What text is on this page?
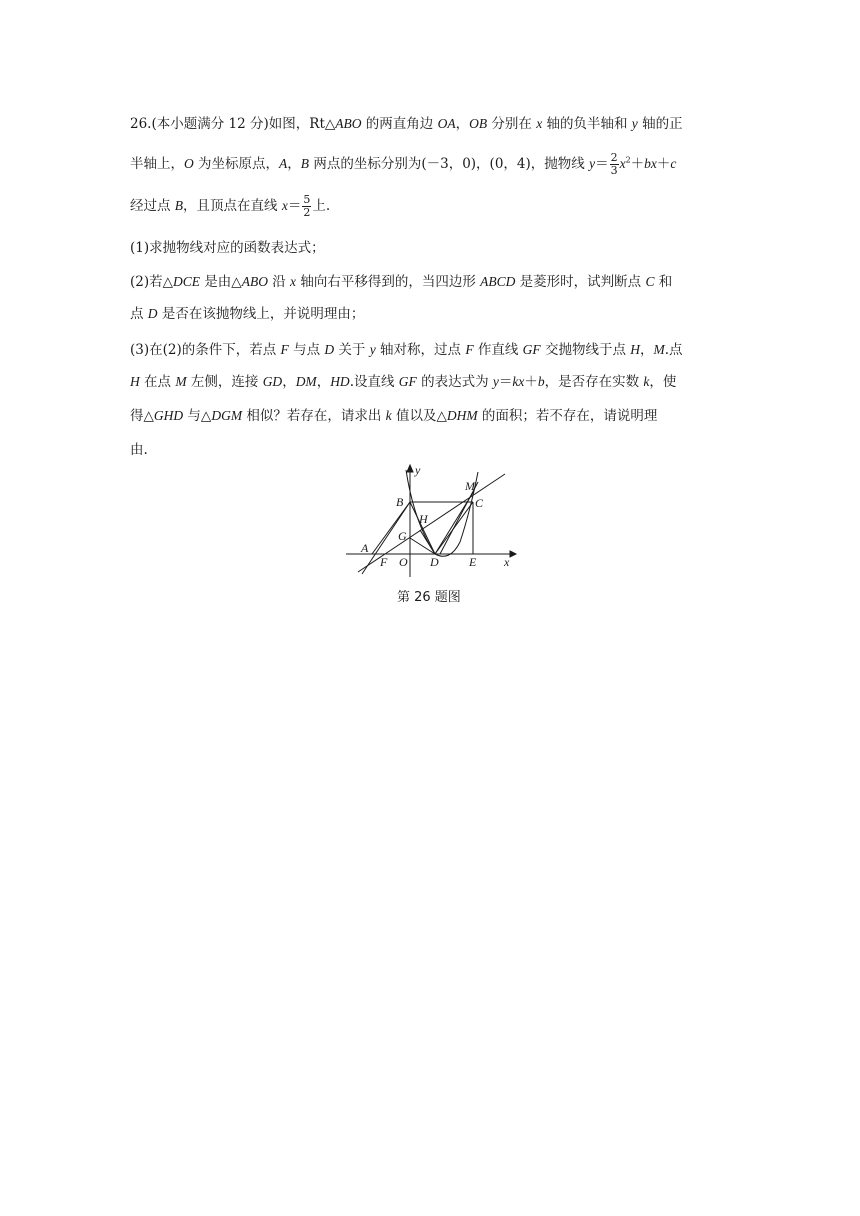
26.(本小题满分 12 分)如图，Rt△ABO 的两直角边 OA，OB 分别在 x 轴的负半轴和 y 轴的正
半轴上，O 为坐标原点，A，B 两点的坐标分别为(－3，0)，(0，4)，抛物线 $y= \frac{2}{3} x^2+bx+c$
经过点 B，且顶点在直线 $x= \frac{5}{2}$ 上.
(1)求抛物线对应的函数表达式；
(2)若△DCE 是由△ABO 沿 x 轴向右平移得到的，当四边形 ABCD 是菱形时，试判断点 C 和
点 D 是否在该抛物线上，并说明理由；
(3)在(2)的条件下，若点 F 与点 D 关于 y 轴对称，过点 F 作直线 GF 交抛物线于点 H，M.点
H 在点 M 左侧，连接 GD，DM，HD.设直线 GF 的表达式为 y＝kx＋b，是否存在实数 k，使
得△GHD 与△DGM 相似？若存在，请求出 k 值以及△DHM 的面积；若不存在，请说明理
由.
y
x
B
M
C
H
G
A
O D	E
F
第 26 题图
